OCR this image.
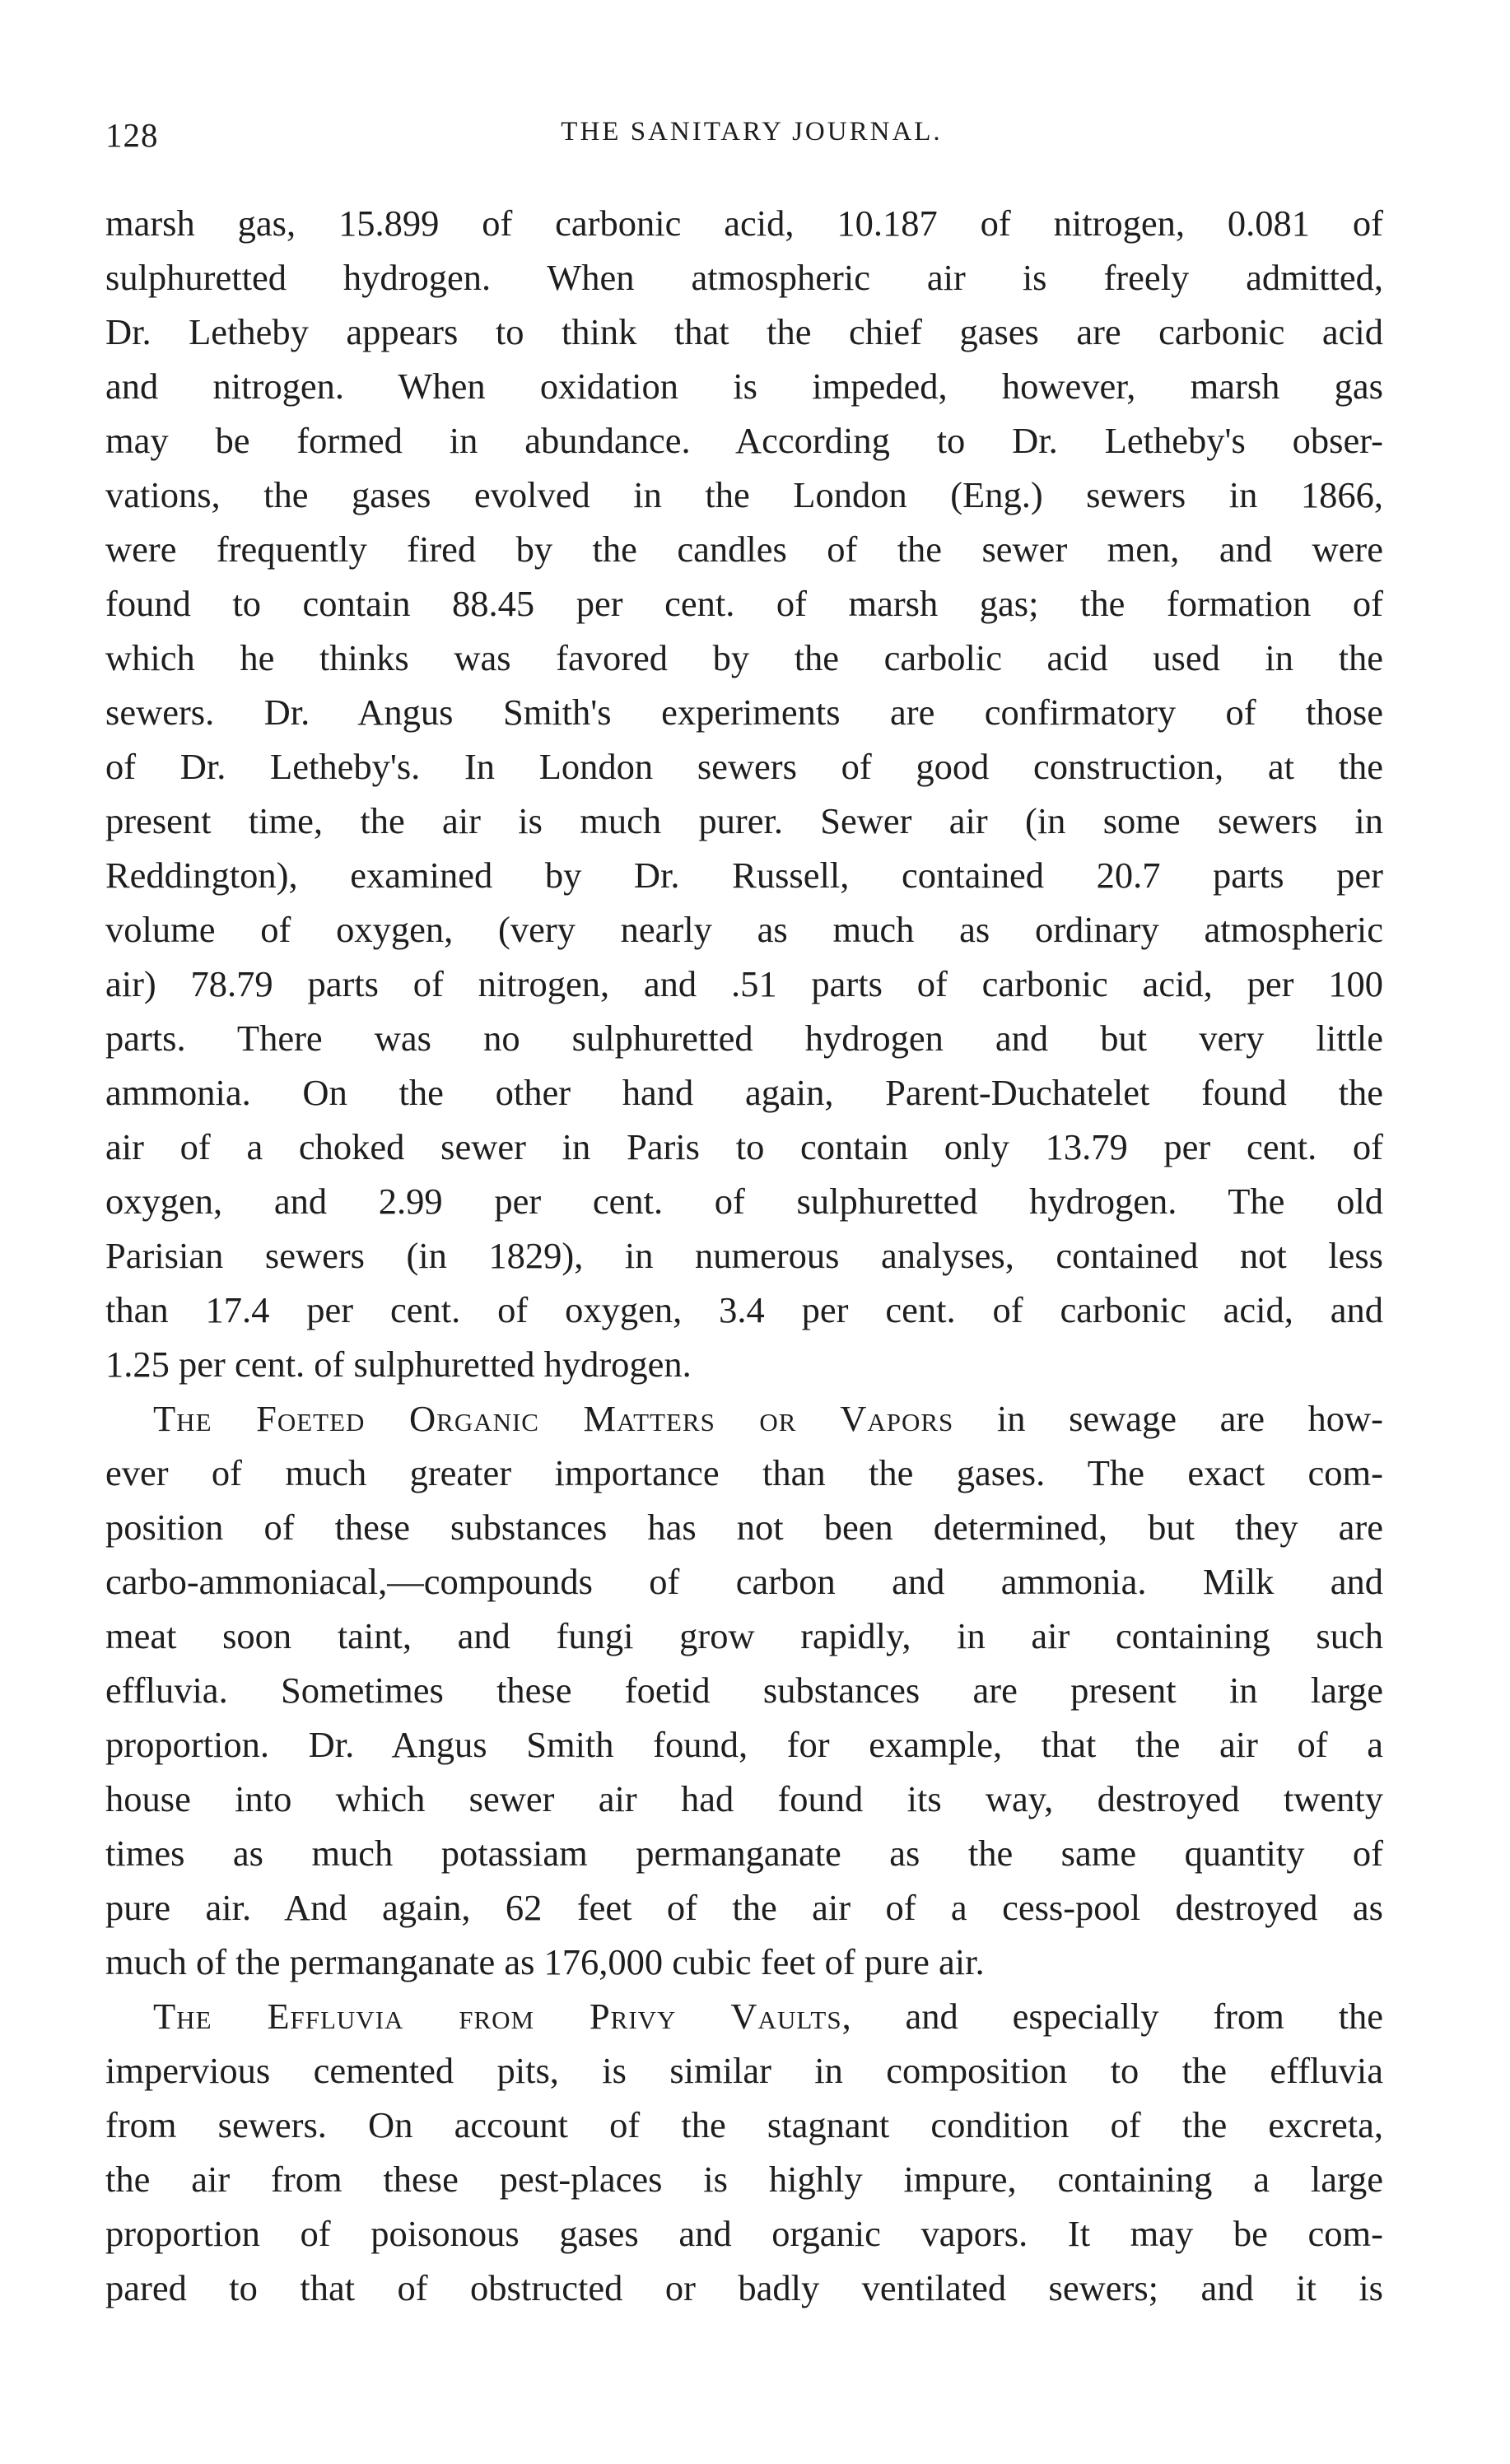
128	THE SANITARY JOURNAL.
marsh gas, 15.899 of carbonic acid, 10.187 of nitrogen, 0.081 of
sulphuretted hydrogen. When atmospheric air is freely admitted,
Dr. Letheby appears to think that the chief gases are carbonic acid
and nitrogen. When oxidation is impeded, however, marsh gas
may be formed in abundance. According to Dr. Letheby's obser-
vations, the gases evolved in the London (Eng.) sewers in 1866,
were frequently fired by the candles of the sewer men, and were
found to contain 88.45 per cent. of marsh gas; the formation of
which he thinks was favored by the carbolic acid used in the
sewers. Dr. Angus Smith's experiments are confirmatory of those
of Dr. Letheby's. In London sewers of good construction, at the
present time, the air is much purer. Sewer air (in some sewers in
Reddington), examined by Dr. Russell, contained 20.7 parts per
volume of oxygen, (very nearly as much as ordinary atmospheric
air) 78.79 parts of nitrogen, and .51 parts of carbonic acid, per 100
parts. There was no sulphuretted hydrogen and but very little
ammonia. On the other hand again, Parent-Duchatelet found the
air of a choked sewer in Paris to contain only 13.79 per cent. of
oxygen, and 2.99 per cent. of sulphuretted hydrogen. The old
Parisian sewers (in 1829), in numerous analyses, contained not less
than 17.4 per cent. of oxygen, 3.4 per cent. of carbonic acid, and
1.25 per cent. of sulphuretted hydrogen.
The Foeted Organic Matters or Vapors in sewage are how-
ever of much greater importance than the gases. The exact com-
position of these substances has not been determined, but they are
carbo-ammoniacal,—compounds of carbon and ammonia. Milk and
meat soon taint, and fungi grow rapidly, in air containing such
effluvia. Sometimes these foetid substances are present in large
proportion. Dr. Angus Smith found, for example, that the air of a
house into which sewer air had found its way, destroyed twenty
times as much potassiam permanganate as the same quantity of
pure air. And again, 62 feet of the air of a cess-pool destroyed as
much of the permanganate as 176,000 cubic feet of pure air.
The Effluvia from Privy Vaults, and especially from the
impervious cemented pits, is similar in composition to the effluvia
from sewers. On account of the stagnant condition of the excreta,
the air from these pest-places is highly impure, containing a large
proportion of poisonous gases and organic vapors. It may be com-
pared to that of obstructed or badly ventilated sewers; and it is
